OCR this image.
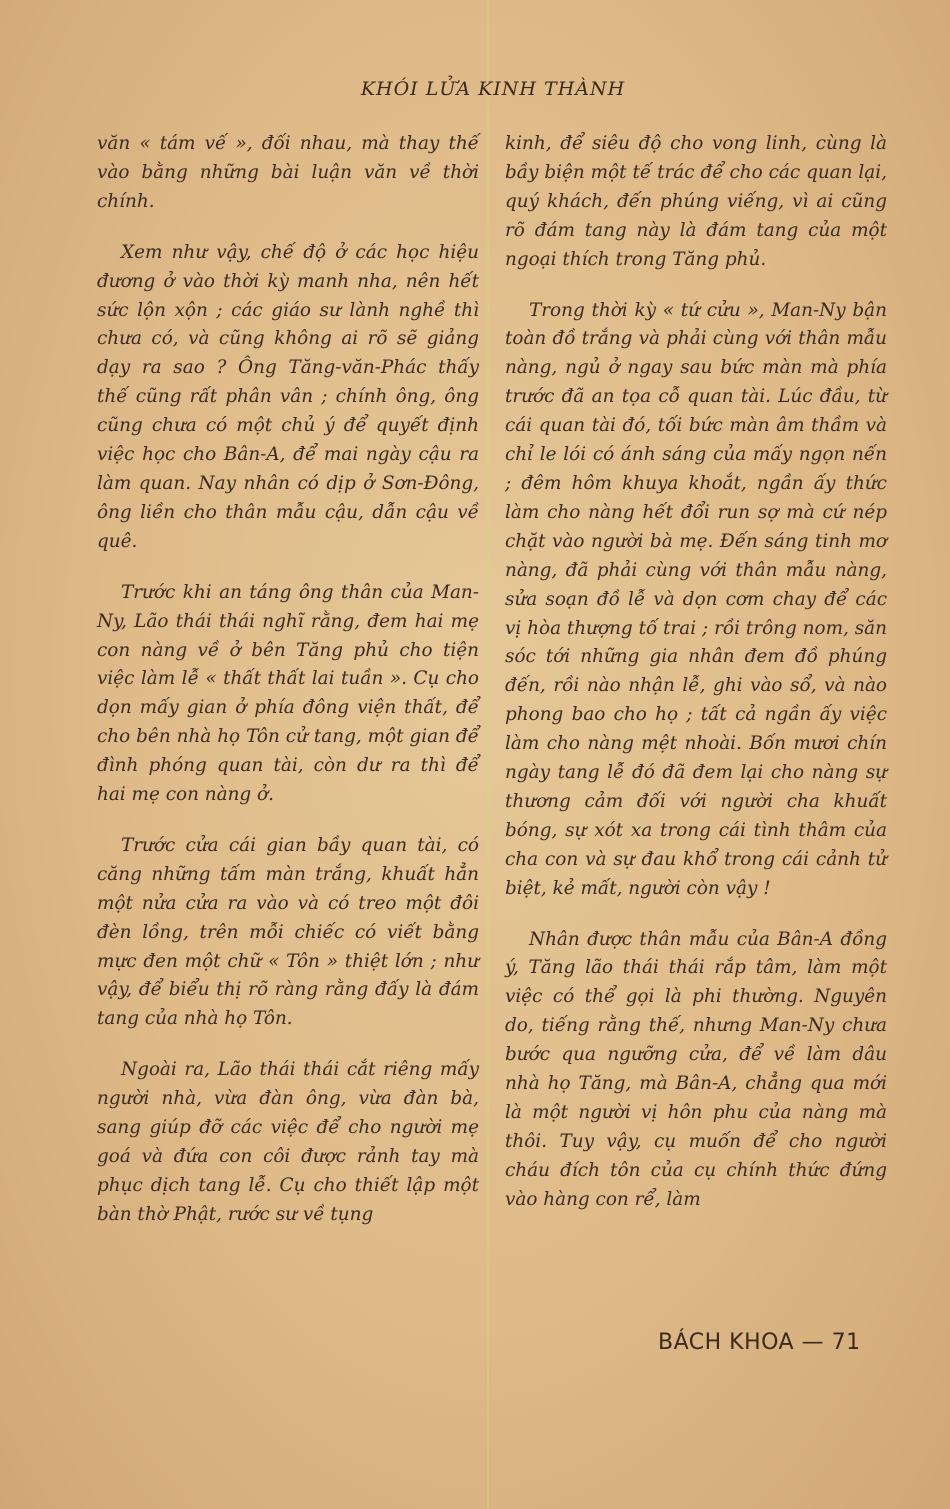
KHÓI LỬA KINH THÀNH

văn « tám vế », đối nhau, mà thay thế vào bằng những bài luận văn về thời chính.

Xem như vậy, chế độ ở các học hiệu đương ở vào thời kỳ manh nha, nên hết sức lộn xộn ; các giáo sư lành nghề thì chưa có, và cũng không ai rõ sẽ giảng dạy ra sao ? Ông Tăng-văn-Phác thấy thế cũng rất phân vân ; chính ông, ông cũng chưa có một chủ ý để quyết định việc học cho Bân-A, để mai ngày cậu ra làm quan. Nay nhân có dịp ở Sơn-Đông, ông liền cho thân mẫu cậu, dẫn cậu về quê.

Trước khi an táng ông thân của Man-Ny, Lão thái thái nghĩ rằng, đem hai mẹ con nàng về ở bên Tăng phủ cho tiện việc làm lễ « thất thất lai tuần ». Cụ cho dọn mấy gian ở phía đông viện thất, để cho bên nhà họ Tôn cử tang, một gian để đình phóng quan tài, còn dư ra thì để hai mẹ con nàng ở.

Trước cửa cái gian bầy quan tài, có căng những tấm màn trắng, khuất hẳn một nửa cửa ra vào và có treo một đôi đèn lồng, trên mỗi chiếc có viết bằng mực đen một chữ « Tôn » thiệt lớn ; như vậy, để biểu thị rõ ràng rằng đấy là đám tang của nhà họ Tôn.

Ngoài ra, Lão thái thái cắt riêng mấy người nhà, vừa đàn ông, vừa đàn bà, sang giúp đỡ các việc để cho người mẹ goá và đứa con côi được rảnh tay mà phục dịch tang lễ. Cụ cho thiết lập một bàn thờ Phật, rước sư về tụng

kinh, để siêu độ cho vong linh, cùng là bầy biện một tế trác để cho các quan lại, quý khách, đến phúng viếng, vì ai cũng rõ đám tang này là đám tang của một ngoại thích trong Tăng phủ.

Trong thời kỳ « tứ cửu », Man-Ny bận toàn đồ trắng và phải cùng với thân mẫu nàng, ngủ ở ngay sau bức màn mà phía trước đã an tọa cỗ quan tài. Lúc đầu, từ cái quan tài đó, tối bức màn âm thầm và chỉ le lói có ánh sáng của mấy ngọn nến ; đêm hôm khuya khoắt, ngần ấy thức làm cho nàng hết đổi run sợ mà cứ nép chặt vào người bà mẹ. Đến sáng tinh mơ nàng, đã phải cùng với thân mẫu nàng, sửa soạn đồ lễ và dọn cơm chay để các vị hòa thượng tố trai ; rồi trông nom, săn sóc tới những gia nhân đem đồ phúng đến, rồi nào nhận lễ, ghi vào sổ, và nào phong bao cho họ ; tất cả ngần ấy việc làm cho nàng mệt nhoài. Bốn mươi chín ngày tang lễ đó đã đem lại cho nàng sự thương cảm đối với người cha khuất bóng, sự xót xa trong cái tình thâm của cha con và sự đau khổ trong cái cảnh tử biệt, kẻ mất, người còn vậy !

Nhân được thân mẫu của Bân-A đồng ý, Tăng lão thái thái rắp tâm, làm một việc có thể gọi là phi thường. Nguyên do, tiếng rằng thế, nhưng Man-Ny chưa bước qua ngưỡng cửa, để về làm dâu nhà họ Tăng, mà Bân-A, chẳng qua mới là một người vị hôn phu của nàng mà thôi. Tuy vậy, cụ muốn để cho người cháu đích tôn của cụ chính thức đứng vào hàng con rể, làm

BÁCH KHOA — 71
